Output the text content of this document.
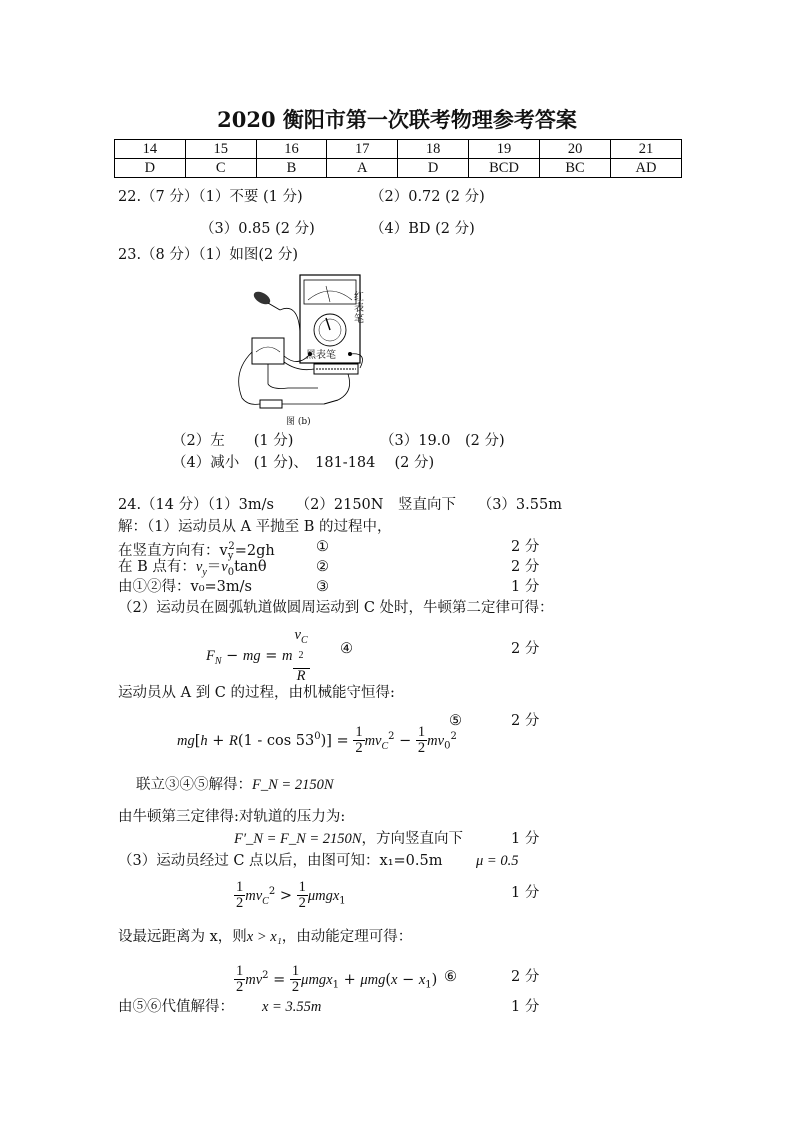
2020 衡阳市第一次联考物理参考答案
14	15	16	17	18	19	20	21
D	C	B	A	D	BCD	BC	AD
22.（7 分）（1）不要 (1 分)	（2）0.72 (2 分)
（3）0.85 (2 分)	（4）BD (2 分)
23.（8 分）（1）如图(2 分)
红表笔
黑表笔
图 (b)
（2）左　　(1 分)	（3）19.0　(2 分)
（4）减小　(1 分)、　181-184　 (2 分)
24.（14 分）（1）3m/s　　（2）2150N　竖直向下　　（3）3.55m
解：（1）运动员从 A 平抛至 B 的过程中，
在竖直方向有：$v_y^2=2gh$	①	2 分
在 B 点有：$v_y=v_0\tan\theta$	②	2 分
由①②得：v₀=3m/s	③	1 分
（2）运动员在圆弧轨道做圆周运动到 C 处时，牛顿第二定律可得：
$F_N$ − mg = m $v_C$
$^2$
R ④	2 分
运动员从 A 到 C 的过程，由机械能守恒得:
$mg[h + R(1 - \cos 53^0)] = \frac{1}{2} mv_C^2 - \frac{1}{2} mv_0^2$
⑤	2 分
联立③④⑤解得：F_N = 2150N
由牛顿第三定律得:对轨道的压力为:
F′_N = F_N = 2150N，方向竖直向下	1 分
（3）运动员经过 C 点以后，由图可知：x₁=0.5m μ = 0.5
$\frac{1}{2} mv_C^2 > \frac{1}{2} \mu mgx_1$
1 分
设最远距离为 x，则x > x₁，由动能定理可得：
$\frac{1}{2} mv^2 = \frac{1}{2} \mu mgx_1 + \mu mg(x - x_1)$ ⑥	2 分
由⑤⑥代值解得： x = 3.55m	1 分
